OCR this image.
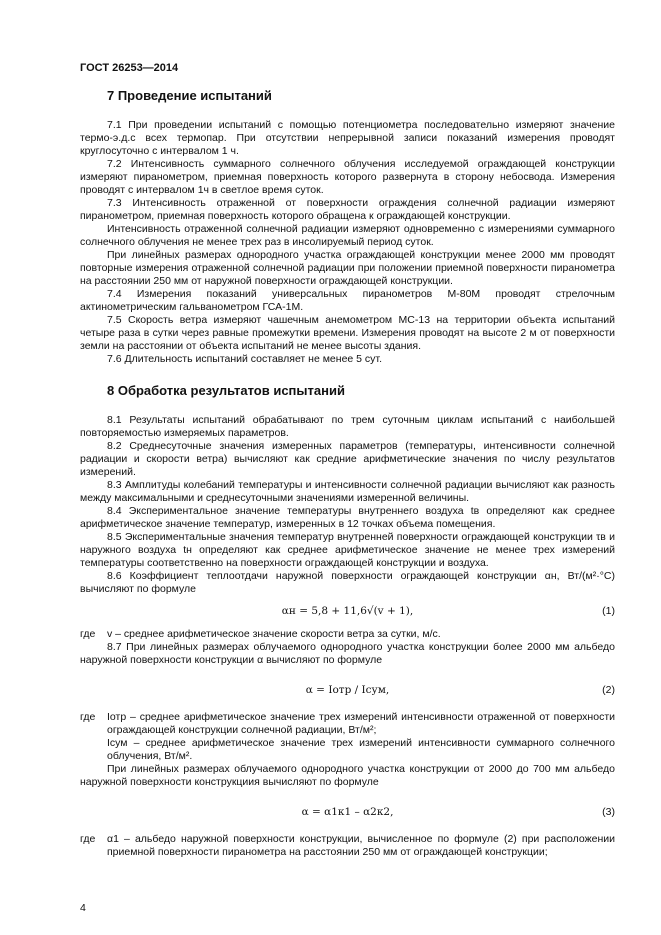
ГОСТ 26253—2014
7 Проведение испытаний

7.1 При проведении испытаний с помощью потенциометра последовательно измеряют значение термо-э.д.с всех термопар. При отсутствии непрерывной записи показаний измерения проводят круглосуточно с интервалом 1 ч.

7.2 Интенсивность суммарного солнечного облучения исследуемой ограждающей конструкции измеряют пиранометром, приемная поверхность которого развернута в сторону небосвода. Измерения проводят с интервалом 1ч в светлое время суток.

7.3 Интенсивность отраженной от поверхности ограждения солнечной радиации измеряют пиранометром, приемная поверхность которого обращена к ограждающей конструкции.

Интенсивность отраженной солнечной радиации измеряют одновременно с измерениями суммарного солнечного облучения не менее трех раз в инсолируемый период суток.

При линейных размерах однородного участка ограждающей конструкции менее 2000 мм проводят повторные измерения отраженной солнечной радиации при положении приемной поверхности пиранометра на расстоянии 250 мм от наружной поверхности ограждающей конструкции.

7.4 Измерения показаний универсальных пиранометров М-80М проводят стрелочным актинометрическим гальванометром ГСА-1М.

7.5 Скорость ветра измеряют чашечным анемометром МС-13 на территории объекта испытаний четыре раза в сутки через равные промежутки времени. Измерения проводят на высоте 2 м от поверхности земли на расстоянии от объекта испытаний не менее высоты здания.

7.6 Длительность испытаний составляет не менее 5 сут.

8 Обработка результатов испытаний

8.1 Результаты испытаний обрабатывают по трем суточным циклам испытаний с наибольшей повторяемостью измеряемых параметров.

8.2 Среднесуточные значения измеренных параметров (температуры, интенсивности солнечной радиации и скорости ветра) вычисляют как средние арифметические значения по числу результатов измерений.

8.3 Амплитуды колебаний температуры и интенсивности солнечной радиации вычисляют как разность между максимальными и среднесуточными значениями измеренной величины.

8.4 Экспериментальное значение температуры внутреннего воздуха tв определяют как среднее арифметическое значение температур, измеренных в 12 точках объема помещения.

8.5 Экспериментальные значения температур внутренней поверхности ограждающей конструкции τв и наружного воздуха tн определяют как среднее арифметическое значение не менее трех измерений температуры соответственно на поверхности ограждающей конструкции и воздуха.

8.6 Коэффициент теплоотдачи наружной поверхности ограждающей конструкции αн, Вт/(м²·°С) вычисляют по формуле

αн = 5,8 + 11,6√(v + 1),	(1)
где	v – среднее арифметическое значение скорости ветра за сутки, м/с.

8.7 При линейных размерах облучаемого однородного участка конструкции более 2000 мм альбедо наружной поверхности конструкции α вычисляют по формуле

α = Iотр / Iсум,	(2)
где	Iотр – среднее арифметическое значение трех измерений интенсивности отраженной от поверхности ограждающей конструкции солнечной радиации, Вт/м²;
Iсум – среднее арифметическое значение трех измерений интенсивности суммарного солнечного облучения, Вт/м².

При линейных размерах облучаемого однородного участка конструкции от 2000 до 700 мм альбедо наружной поверхности конструкциия вычисляют по формуле

α = α1κ1 – α2κ2,	(3)
где	α1 – альбедо наружной поверхности конструкции, вычисленное по формуле (2) при расположении приемной поверхности пиранометра на расстоянии 250 мм от ограждающей конструкции;
4
